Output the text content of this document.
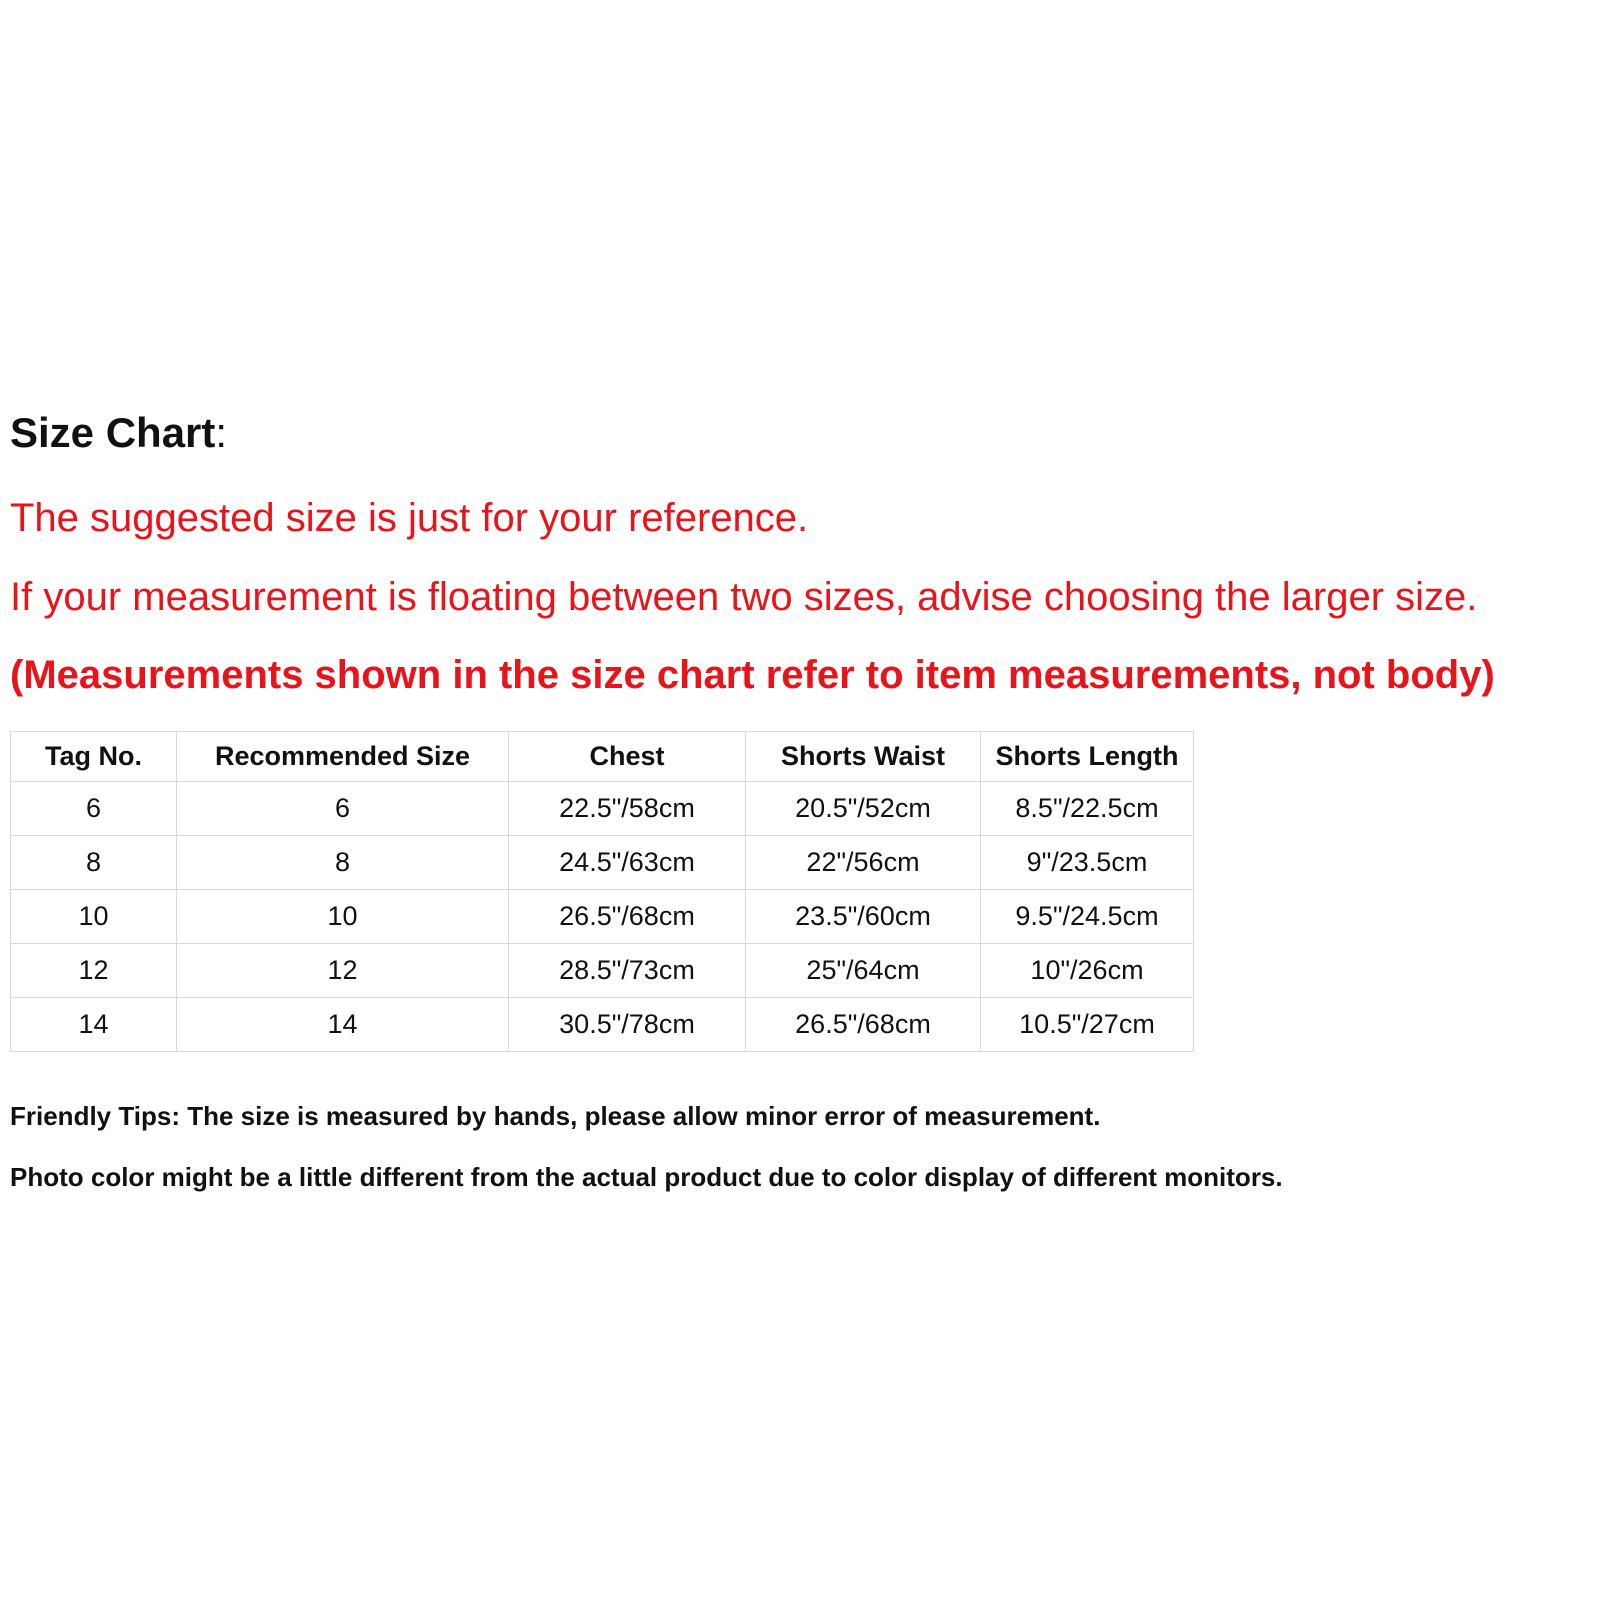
Size Chart:

The suggested size is just for your reference.

If your measurement is floating between two sizes, advise choosing the larger size.

(Measurements shown in the size chart refer to item measurements, not body)

Tag No.	Recommended Size	Chest	Shorts Waist	Shorts Length
6	6	22.5"/58cm	20.5"/52cm	8.5"/22.5cm
8	8	24.5"/63cm	22"/56cm	9"/23.5cm
10	10	26.5"/68cm	23.5"/60cm	9.5"/24.5cm
12	12	28.5"/73cm	25"/64cm	10"/26cm
14	14	30.5"/78cm	26.5"/68cm	10.5"/27cm

Friendly Tips: The size is measured by hands, please allow minor error of measurement.

Photo color might be a little different from the actual product due to color display of different monitors.
